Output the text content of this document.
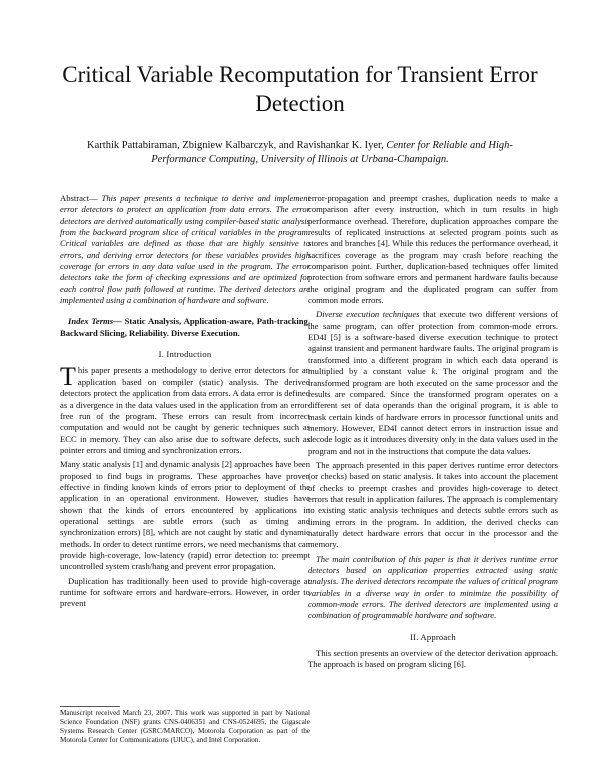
Critical Variable Recomputation for Transient Error Detection
Karthik Pattabiraman, Zbigniew Kalbarczyk, and Ravishankar K. Iyer, Center for Reliable and High-Performance Computing, University of Illinois at Urbana-Champaign.

Abstract— This paper presents a technique to derive and implement error detectors to protect an application from data errors. The error detectors are derived automatically using compiler-based static analysis from the backward program slice of critical variables in the program. Critical variables are defined as those that are highly sensitive to errors, and deriving error detectors for these variables provides high coverage for errors in any data value used in the program. The error detectors take the form of checking expressions and are optimized for each control flow path followed at runtime. The derived detectors are implemented using a combination of hardware and software.

Index Terms— Static Analysis, Application-aware, Path-tracking, Backward Slicing, Reliability. Diverse Execution.

I. Introduction

This paper presents a methodology to derive error detectors for an application based on compiler (static) analysis. The derived detectors protect the application from data errors. A data error is defined as a divergence in the data values used in the application from an error-free run of the program. These errors can result from incorrect computation and would not be caught by generic techniques such as ECC in memory. They can also arise due to software defects, such as pointer errors and timing and synchronization errors.

Many static analysis [1] and dynamic analysis [2] approaches have been proposed to find bugs in programs. These approaches have proven effective in finding known kinds of errors prior to deployment of the application in an operational environment. However, studies have shown that the kinds of errors encountered by applications in operational settings are subtle errors (such as timing and synchronization errors) [8], which are not caught by static and dynamic methods. In order to detect runtime errors, we need mechanisms that can provide high-coverage, low-latency (rapid) error detection to: preempt uncontrolled system crash/hang and prevent error propagation.

Duplication has traditionally been used to provide high-coverage at runtime for software errors and hardware-errors. However, in order to prevent

Manuscript received March 23, 2007. This work was supported in part by National Science Foundation (NSF) grants CNS-0406351 and CNS-0524695, the Gigascale Systems Research Center (GSRC/MARCO), Motorola Corporation as part of the Motorola Center for Communications (UIUC), and Intel Corporation.

error-propagation and preempt crashes, duplication needs to make a comparison after every instruction, which in turn results in high performance overhead. Therefore, duplication approaches compare the results of replicated instructions at selected program points such as stores and branches [4]. While this reduces the performance overhead, it sacrifices coverage as the program may crash before reaching the comparison point. Further, duplication-based techniques offer limited protection from software errors and permanent hardware faults because the original program and the duplicated program can suffer from common mode errors.

Diverse execution techniques that execute two different versions of the same program, can offer protection from common-mode errors. ED4I [5] is a software-based diverse execution technique to protect against transient and permanent hardware faults. The original program is transformed into a different program in which each data operand is multiplied by a constant value k. The original program and the transformed program are both executed on the same processor and the results are compared. Since the transformed program operates on a different set of data operands than the original program, it is able to mask certain kinds of hardware errors in processor functional units and memory. However, ED4I cannot detect errors in instruction issue and decode logic as it introduces diversity only in the data values used in the program and not in the instructions that compute the data values.

The approach presented in this paper derives runtime error detectors (or checks) based on static analysis. It takes into account the placement of checks to preempt crashes and provides high-coverage to detect errors that result in application failures. The approach is complementary to existing static analysis techniques and detects subtle errors such as timing errors in the program. In addition, the derived checks can naturally detect hardware errors that occur in the processor and the memory.

The main contribution of this paper is that it derives runtime error detectors based on application properties extracted using static analysis. The derived detectors recompute the values of critical program variables in a diverse way in order to minimize the possibility of common-mode errors. The derived detectors are implemented using a combination of programmable hardware and software.

II. Approach

This section presents an overview of the detector derivation approach. The approach is based on program slicing [6].
